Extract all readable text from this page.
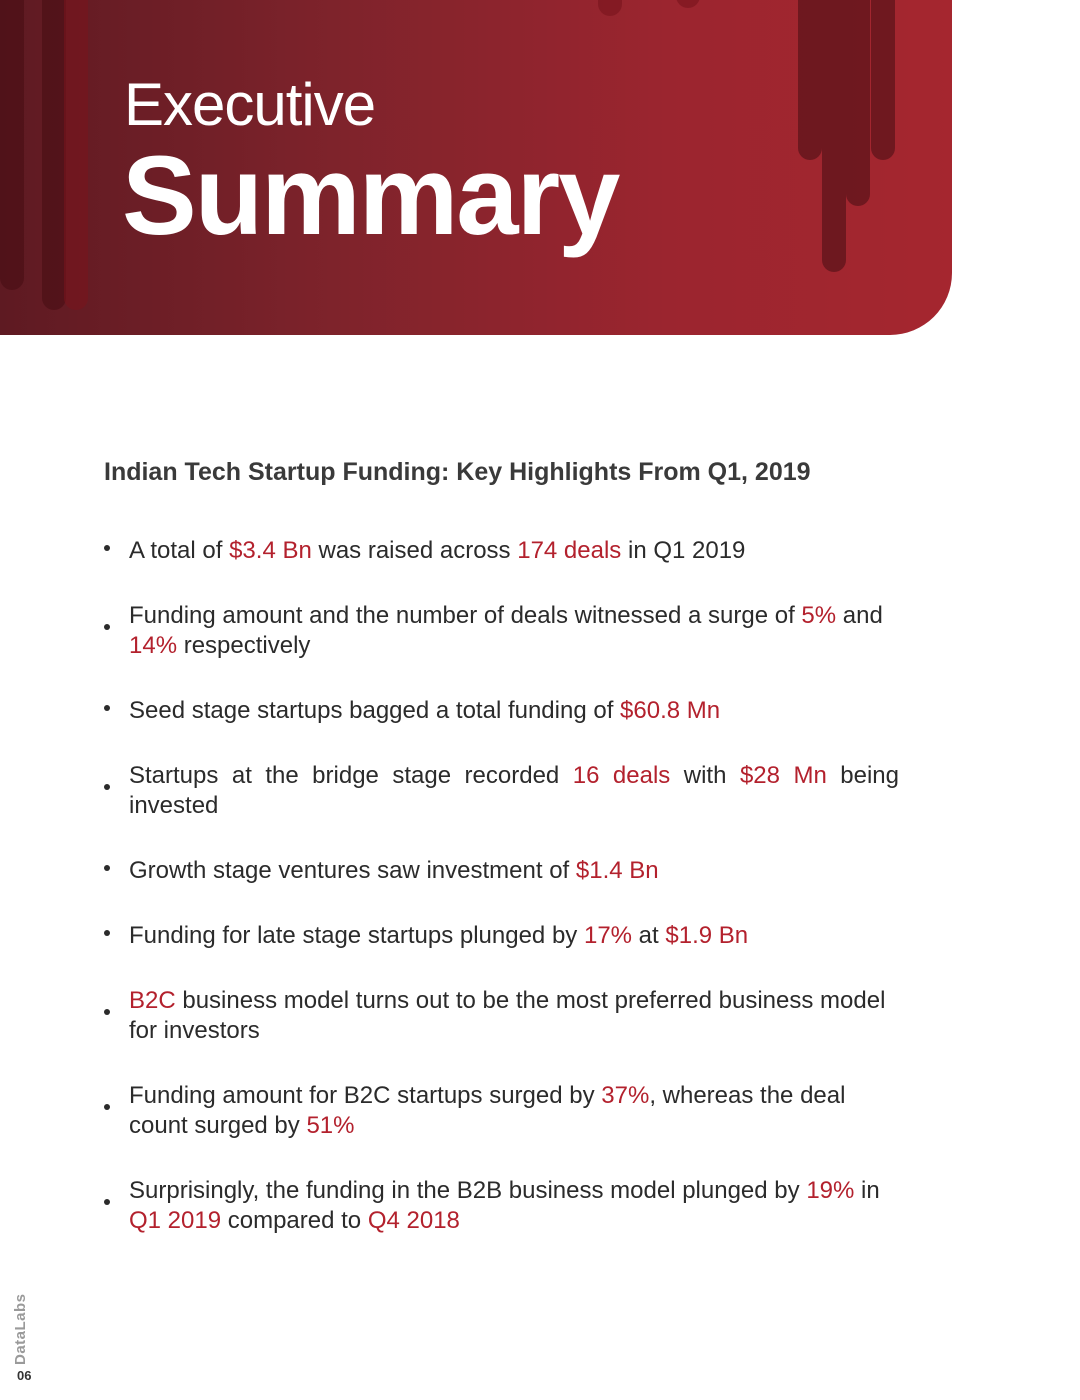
Executive
Summary
Indian Tech Startup Funding: Key Highlights From Q1, 2019
A total of $3.4 Bn was raised across 174 deals in Q1 2019
Funding amount and the number of deals witnessed a surge of 5% and 14% respectively
Seed stage startups bagged a total funding of $60.8 Mn
Startups at the bridge stage recorded 16 deals with $28 Mn being invested
Growth stage ventures saw investment of $1.4 Bn
Funding for late stage startups plunged by 17% at $1.9 Bn
B2C business model turns out to be the most preferred business model for investors
Funding amount for B2C startups surged by 37%, whereas the deal count surged by 51%
Surprisingly, the funding in the B2B business model plunged by 19% in Q1 2019 compared to Q4 2018
DataLabs
06
